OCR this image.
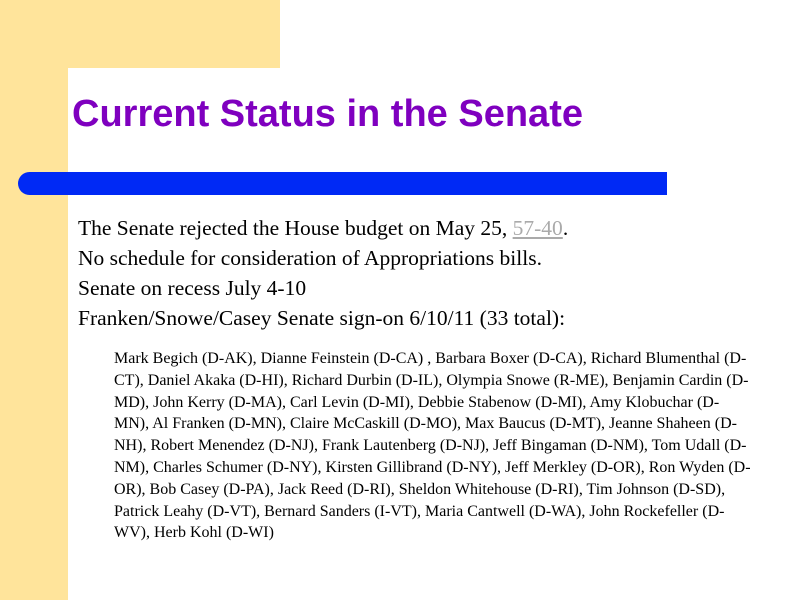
Current Status in the Senate
The Senate rejected the House budget on May 25, 57-40.
No schedule for consideration of Appropriations bills.
Senate on recess July 4-10
Franken/Snowe/Casey Senate sign-on 6/10/11 (33 total):

Mark Begich (D-AK), Dianne Feinstein (D-CA) , Barbara Boxer (D-CA), Richard Blumenthal (D-CT), Daniel Akaka (D-HI), Richard Durbin (D-IL), Olympia Snowe (R-ME), Benjamin Cardin (D-MD), John Kerry (D-MA), Carl Levin (D-MI), Debbie Stabenow (D-MI), Amy Klobuchar (D-MN), Al Franken (D-MN), Claire McCaskill (D-MO), Max Baucus (D-MT), Jeanne Shaheen (D-NH), Robert Menendez (D-NJ), Frank Lautenberg (D-NJ), Jeff Bingaman (D-NM), Tom Udall (D-NM), Charles Schumer (D-NY), Kirsten Gillibrand (D-NY), Jeff Merkley (D-OR), Ron Wyden (D-OR), Bob Casey (D-PA), Jack Reed (D-RI), Sheldon Whitehouse (D-RI), Tim Johnson (D-SD), Patrick Leahy (D-VT), Bernard Sanders (I-VT), Maria Cantwell (D-WA), John Rockefeller (D-WV), Herb Kohl (D-WI)
